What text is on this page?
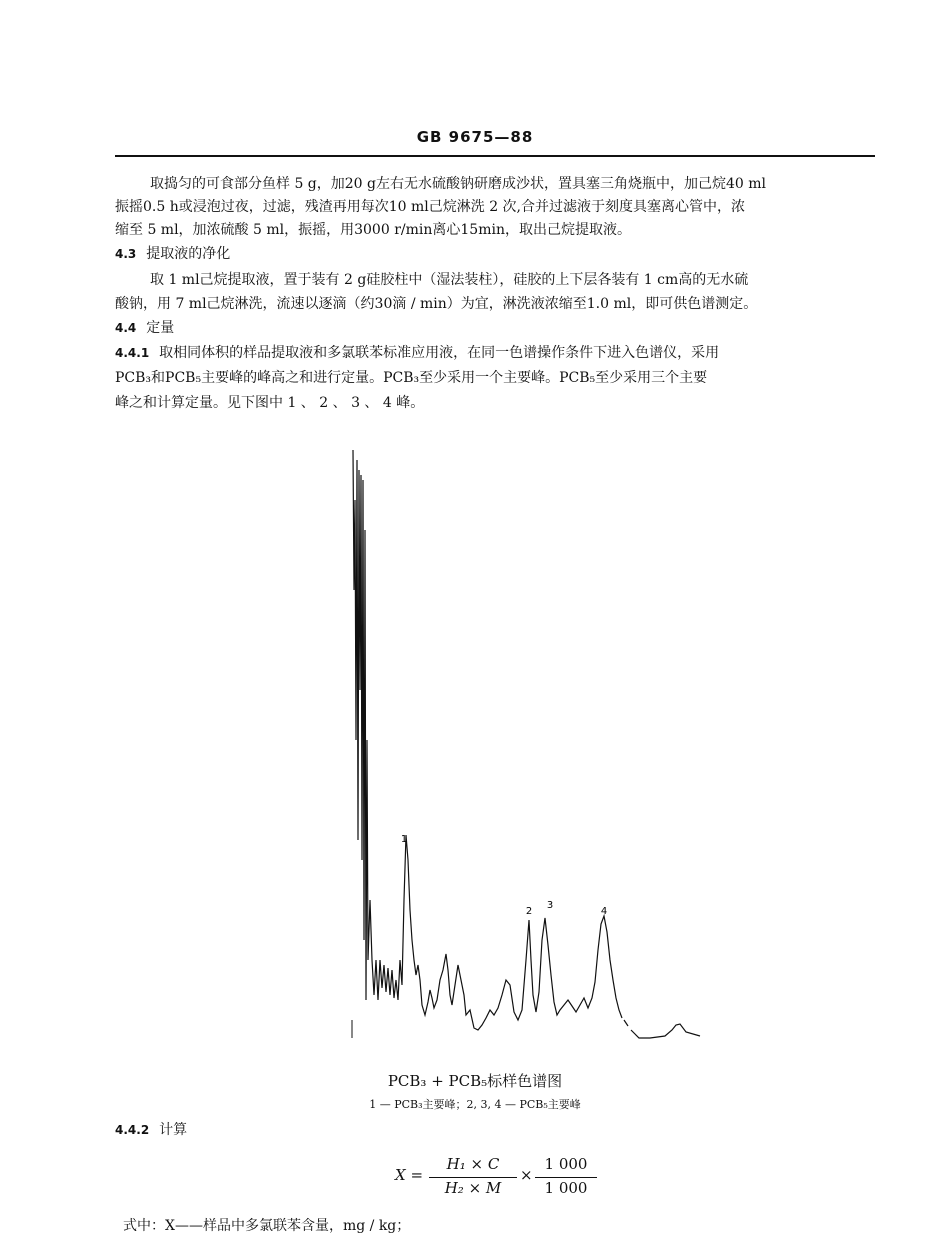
GB 9675—88
取捣匀的可食部分鱼样 5 g，加20 g左右无水硫酸钠研磨成沙状，置具塞三角烧瓶中，加己烷40 ml
振摇0.5 h或浸泡过夜，过滤，残渣再用每次10 ml己烷淋洗 2 次,合并过滤液于刻度具塞离心管中，浓
缩至 5 ml，加浓硫酸 5 ml，振摇，用3000 r/min离心15min，取出己烷提取液。
4.3 提取液的净化
取 1 ml己烷提取液，置于装有 2 g硅胶柱中（湿法装柱），硅胶的上下层各装有 1 cm高的无水硫
酸钠，用 7 ml己烷淋洗，流速以逐滴（约30滴 / min）为宜，淋洗液浓缩至1.0 ml，即可供色谱测定。
4.4 定量
4.4.1 取相同体积的样品提取液和多氯联苯标准应用液，在同一色谱操作条件下进入色谱仪，采用
PCB₃和PCB₅主要峰的峰高之和进行定量。PCB₃至少采用一个主要峰。PCB₅至少采用三个主要
峰之和计算定量。见下图中 1 、 2 、 3 、 4 峰。
1
2
3
4
PCB₃ + PCB₅标样色谱图
1 — PCB₃主要峰；2, 3, 4 — PCB₅主要峰
4.4.2 计算
X =
H₁ × C
H₂ × M
×
1 000
1 000
式中：X——样品中多氯联苯含量，mg / kg；
